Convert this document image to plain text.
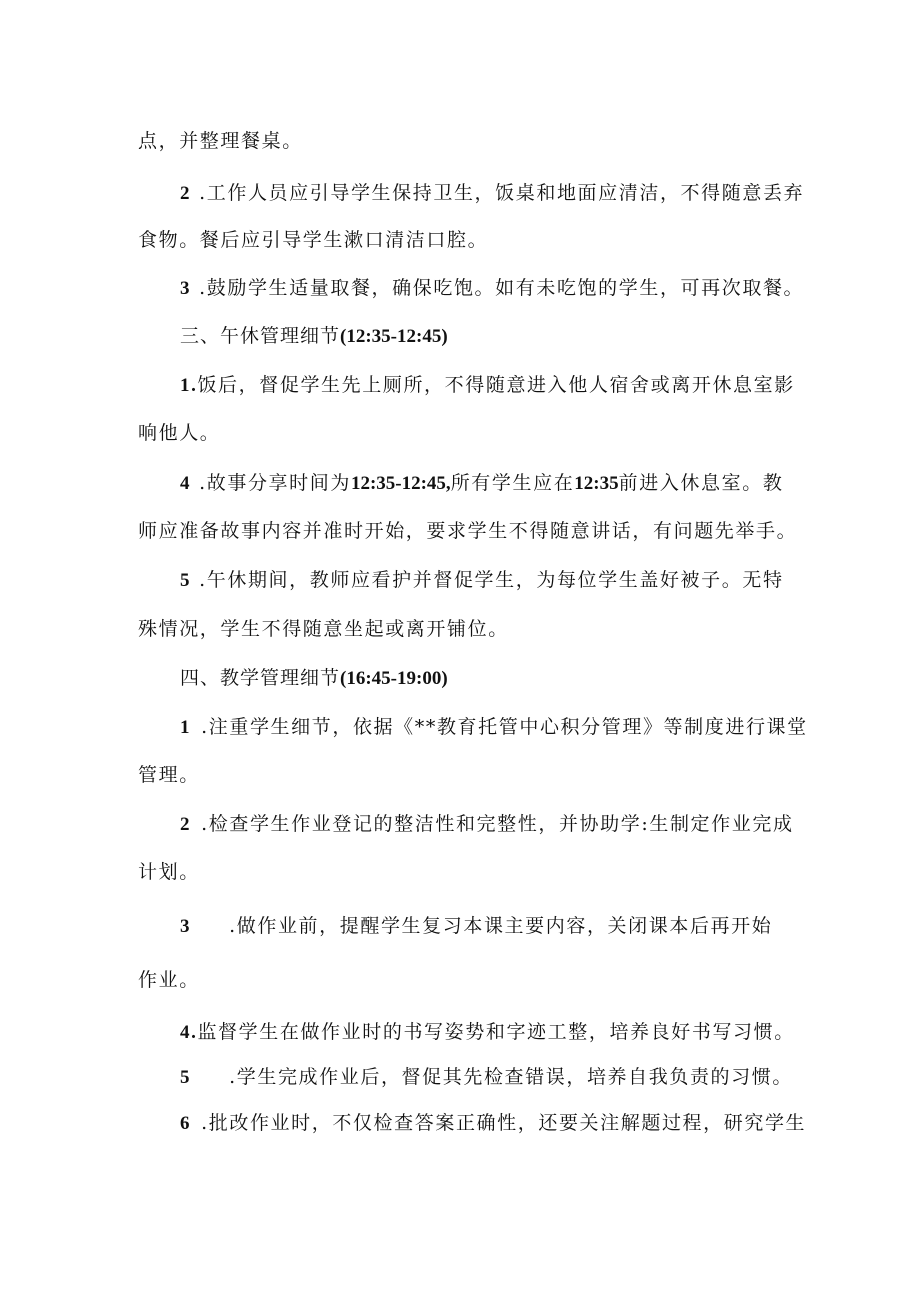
点，并整理餐桌。
2 .工作人员应引导学生保持卫生，饭桌和地面应清洁，不得随意丢弃
食物。餐后应引导学生漱口清洁口腔。
3 .鼓励学生适量取餐，确保吃饱。如有未吃饱的学生，可再次取餐。
三、午休管理细节(12:35-12:45)
1.饭后，督促学生先上厕所，不得随意进入他人宿舍或离开休息室影
响他人。
4 .故事分享时间为12:35-12:45,所有学生应在12:35前进入休息室。教
师应准备故事内容并准时开始，要求学生不得随意讲话，有问题先举手。
5 .午休期间，教师应看护并督促学生，为每位学生盖好被子。无特
殊情况，学生不得随意坐起或离开铺位。
四、教学管理细节(16:45-19:00)
1 .注重学生细节，依据《**教育托管中心积分管理》等制度进行课堂
管理。
2 .检查学生作业登记的整洁性和完整性，并协助学:生制定作业完成
计划。
3 .做作业前，提醒学生复习本课主要内容，关闭课本后再开始
作业。
4.监督学生在做作业时的书写姿势和字迹工整，培养良好书写习惯。
5 .学生完成作业后，督促其先检查错误，培养自我负责的习惯。
6 .批改作业时，不仅检查答案正确性，还要关注解题过程，研究学生
